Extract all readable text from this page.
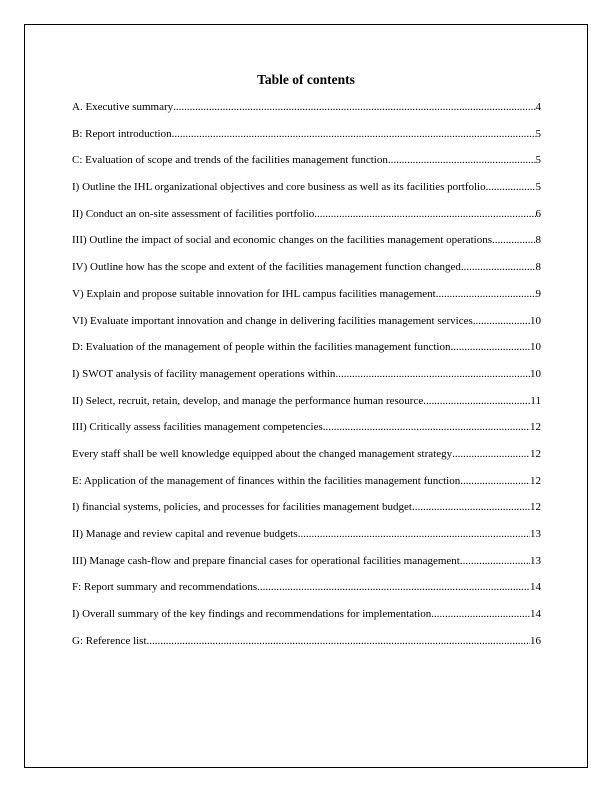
Table of contents
A. Executive summary .....	4
B: Report introduction .....	5
C: Evaluation of scope and trends of the facilities management function .....	5
I) Outline the IHL organizational objectives and core business as well as its facilities portfolio .....	5
II) Conduct an on-site assessment of facilities portfolio .....	6
III) Outline the impact of social and economic changes on the facilities management operations .....	8
IV) Outline how has the scope and extent of the facilities management function changed .....	8
V) Explain and propose suitable innovation for IHL campus facilities management .....	9
VI) Evaluate important innovation and change in delivering facilities management services .....	10
D: Evaluation of the management of people within the facilities management function .....	10
I) SWOT analysis of facility management operations within .....	10
II) Select, recruit, retain, develop, and manage the performance human resource .....	11
III) Critically assess facilities management competencies .....	12
Every staff shall be well knowledge equipped about the changed management strategy .....	12
E: Application of the management of finances within the facilities management function .....	12
I) financial systems, policies, and processes for facilities management budget .....	12
II) Manage and review capital and revenue budgets .....	13
III) Manage cash-flow and prepare financial cases for operational facilities management .....	13
F: Report summary and recommendations .....	14
I) Overall summary of the key findings and recommendations for implementation .....	14
G: Reference list .....	16
